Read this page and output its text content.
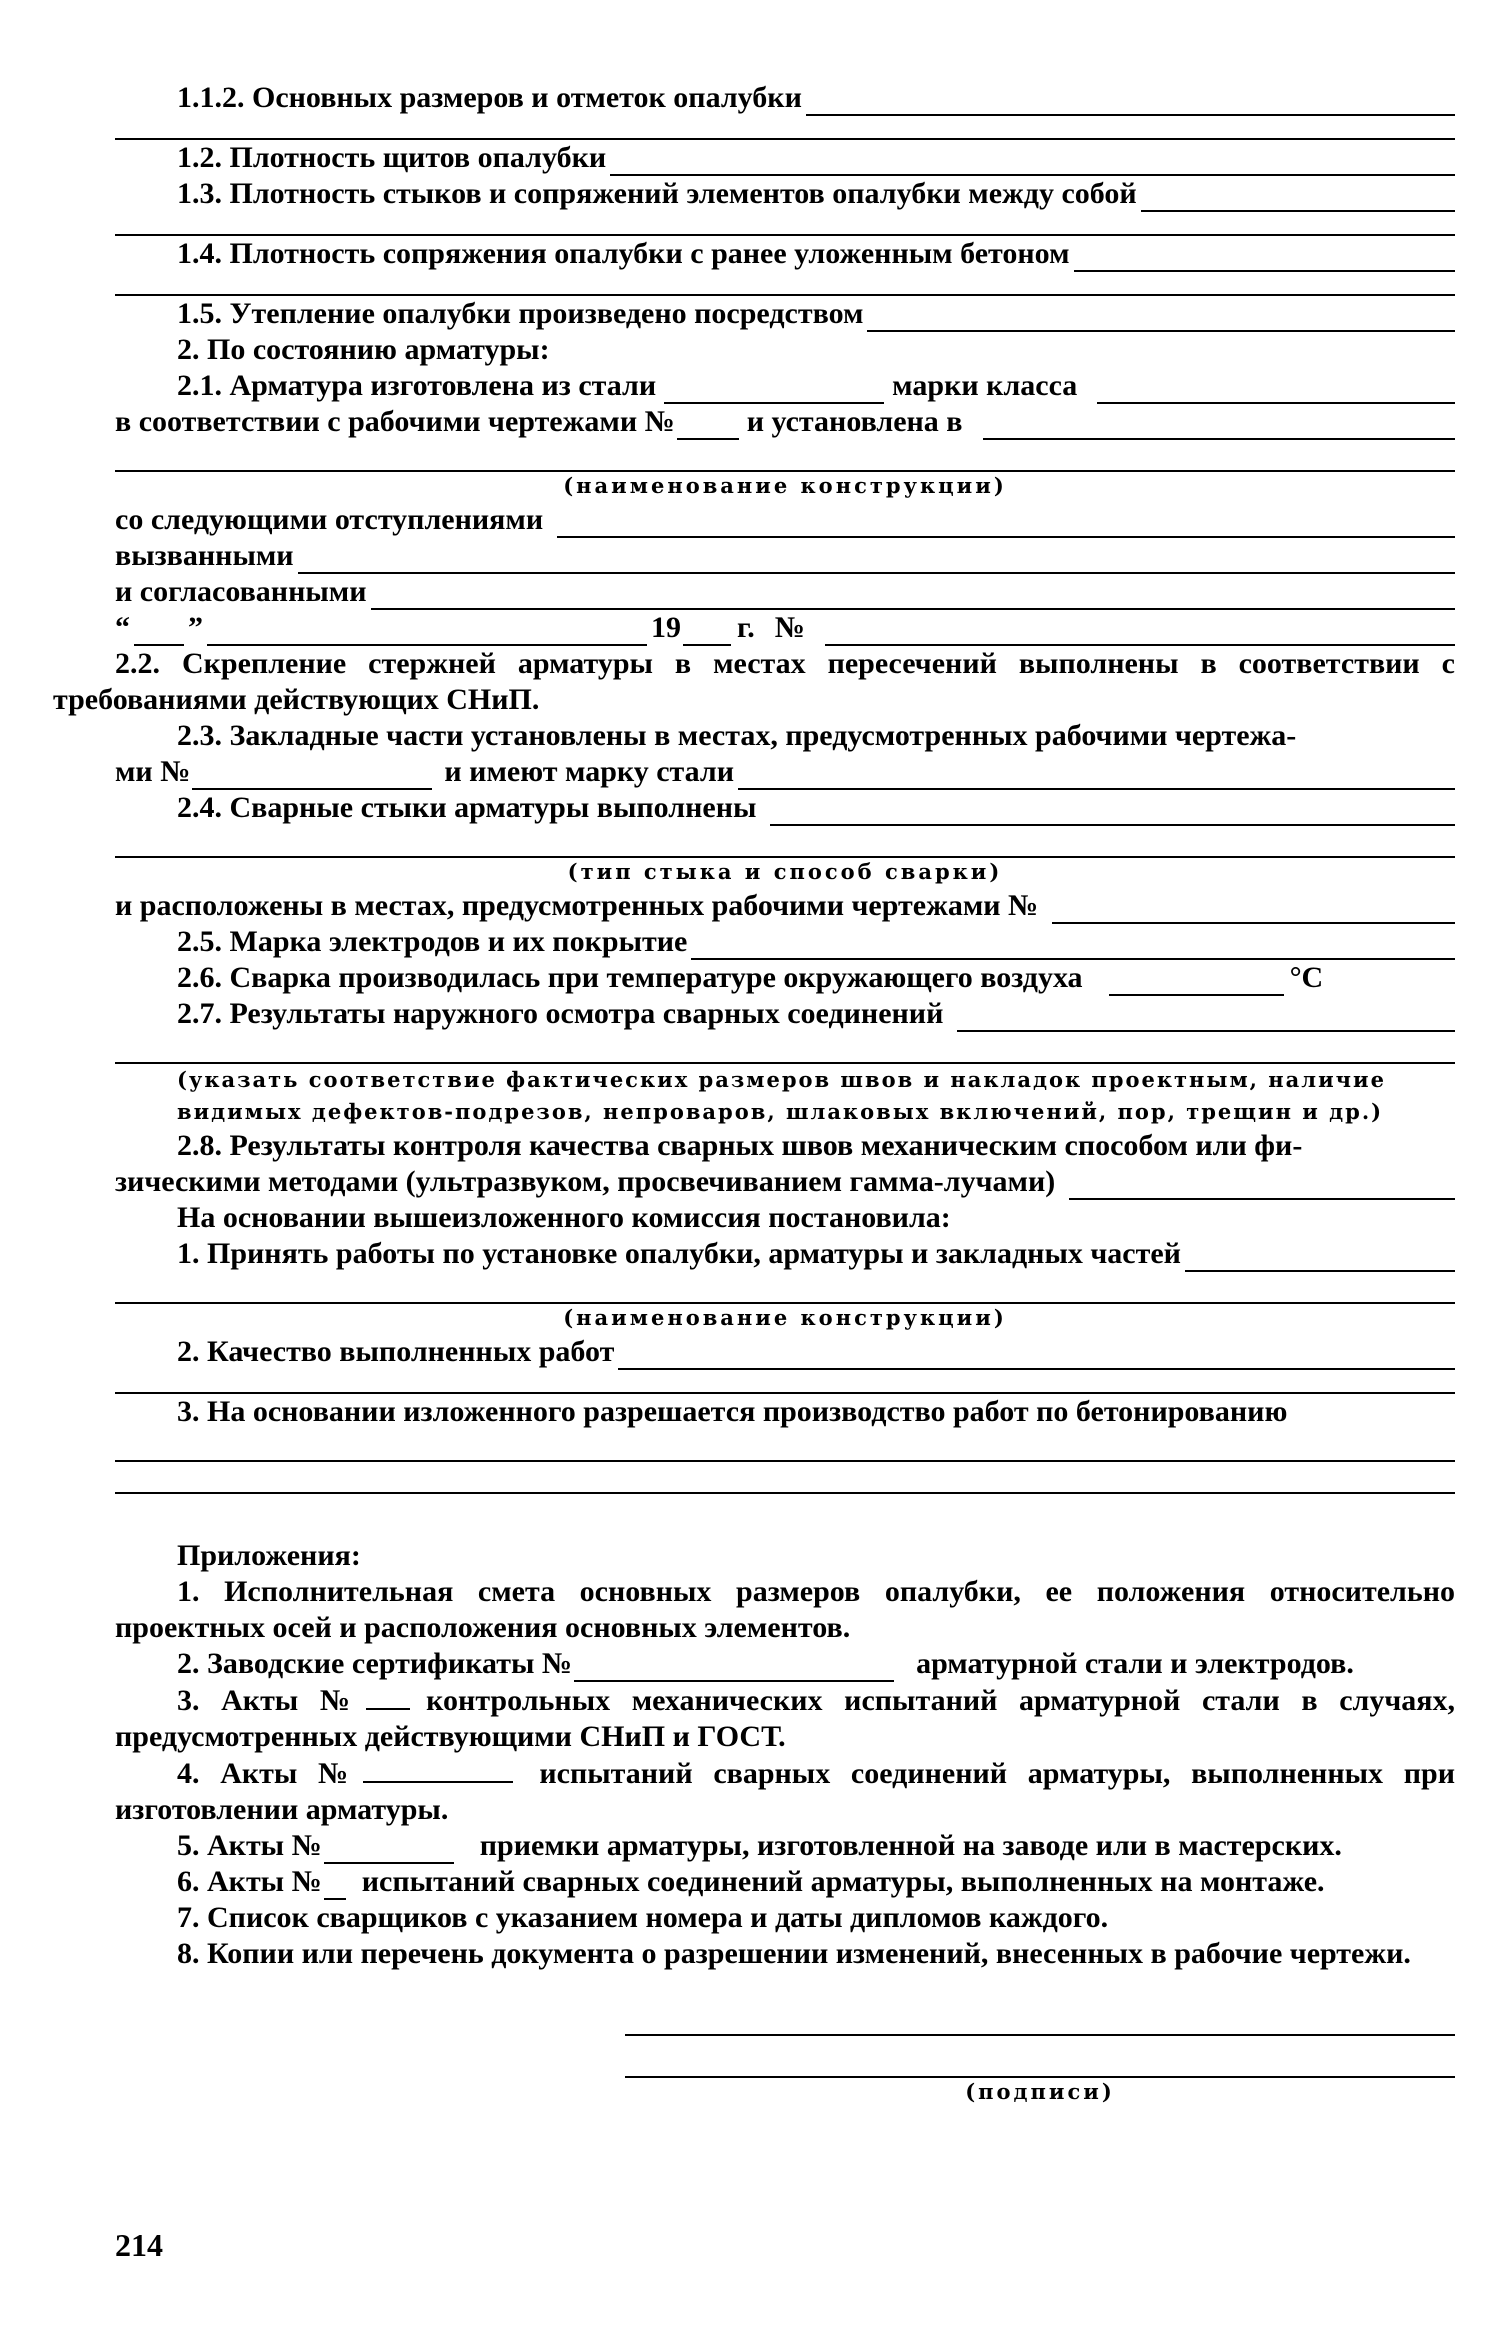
1.1.2. Основных размеров и отметок опалубки
1.2. Плотность щитов опалубки
1.3. Плотность стыков и сопряжений элементов опалубки между собой
1.4. Плотность сопряжения опалубки с ранее уложенным бетоном
1.5. Утепление опалубки произведено посредством
2. По состоянию арматуры:
2.1. Арматура изготовлена из стали	марки класса
в соответствии с рабочими чертежами № и установлена в
(наименование конструкции)
со следующими отступлениями
вызванными
и согласованными
“ ”	19 г. №
2.2. Скрепление стержней арматуры в местах пересечений выполнены в соответствии с требованиями действующих СНиП.
2.3. Закладные части установлены в местах, предусмотренных рабочими чертежа-
ми №	и имеют марку стали
2.4. Сварные стыки арматуры выполнены
(тип стыка и способ сварки)
и расположены в местах, предусмотренных рабочими чертежами №
2.5. Марка электродов и их покрытие
2.6. Сварка производилась при температуре окружающего воздуха	°С
2.7. Результаты наружного осмотра сварных соединений
(указать соответствие фактических размеров швов и накладок проектным, наличие
видимых дефектов-подрезов, непроваров, шлаковых включений, пор, трещин и др.)
2.8. Результаты контроля качества сварных швов механическим способом или фи-
зическими методами (ультразвуком, просвечиванием гамма-лучами)
На основании вышеизложенного комиссия постановила:
1. Принять работы по установке опалубки, арматуры и закладных частей
(наименование конструкции)
2. Качество выполненных работ
3. На основании изложенного разрешается производство работ по бетонированию
Приложения:
1. Исполнительная смета основных размеров опалубки, ее положения относительно проектных осей и расположения основных элементов.
2. Заводские сертификаты №	арматурной стали и электродов.
3. Акты № контрольных механических испытаний арматурной стали в случаях, предусмотренных действующими СНиП и ГОСТ.
4. Акты №	испытаний сварных соединений арматуры, выполненных при изготовлении арматуры.
5. Акты №	приемки арматуры, изготовленной на заводе или в мастерских.
6. Акты № испытаний сварных соединений арматуры, выполненных на монтаже.
7. Список сварщиков с указанием номера и даты дипломов каждого.
8. Копии или перечень документа о разрешении изменений, внесенных в рабочие чертежи.
(подписи)
214
